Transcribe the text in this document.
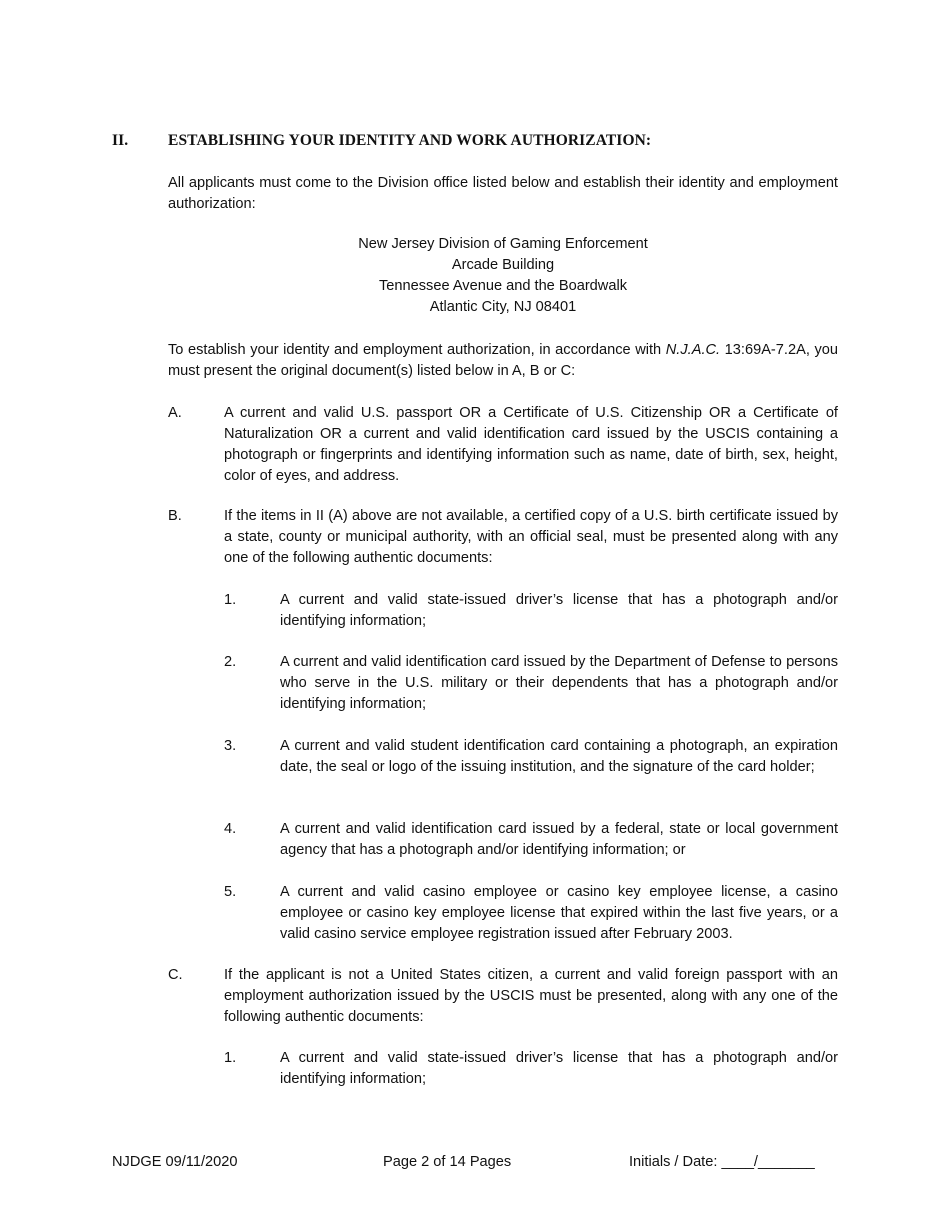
II.	ESTABLISHING YOUR IDENTITY AND WORK AUTHORIZATION:
All applicants must come to the Division office listed below and establish their identity and employment authorization:
New Jersey Division of Gaming Enforcement
Arcade Building
Tennessee Avenue and the Boardwalk
Atlantic City, NJ 08401
To establish your identity and employment authorization, in accordance with N.J.A.C. 13:69A-7.2A, you must present the original document(s) listed below in A, B or C:
A.	A current and valid U.S. passport OR a Certificate of U.S. Citizenship OR a Certificate of Naturalization OR a current and valid identification card issued by the USCIS containing a photograph or fingerprints and identifying information such as name, date of birth, sex, height, color of eyes, and address.
B.	If the items in II (A) above are not available, a certified copy of a U.S. birth certificate issued by a state, county or municipal authority, with an official seal, must be presented along with any one of the following authentic documents:
1.	A current and valid state-issued driver’s license that has a photograph and/or identifying information;
2.	A current and valid identification card issued by the Department of Defense to persons who serve in the U.S. military or their dependents that has a photograph and/or identifying information;
3.	A current and valid student identification card containing a photograph, an expiration date, the seal or logo of the issuing institution, and the signature of the card holder;
4.	A current and valid identification card issued by a federal, state or local government agency that has a photograph and/or identifying information; or
5.	A current and valid casino employee or casino key employee license, a casino employee or casino key employee license that expired within the last five years, or a valid casino service employee registration issued after February 2003.
C.	If the applicant is not a United States citizen, a current and valid foreign passport with an employment authorization issued by the USCIS must be presented, along with any one of the following authentic documents:
1.	A current and valid state-issued driver’s license that has a photograph and/or identifying information;
NJDGE 09/11/2020	Page 2 of 14 Pages	Initials / Date: ____/_______
